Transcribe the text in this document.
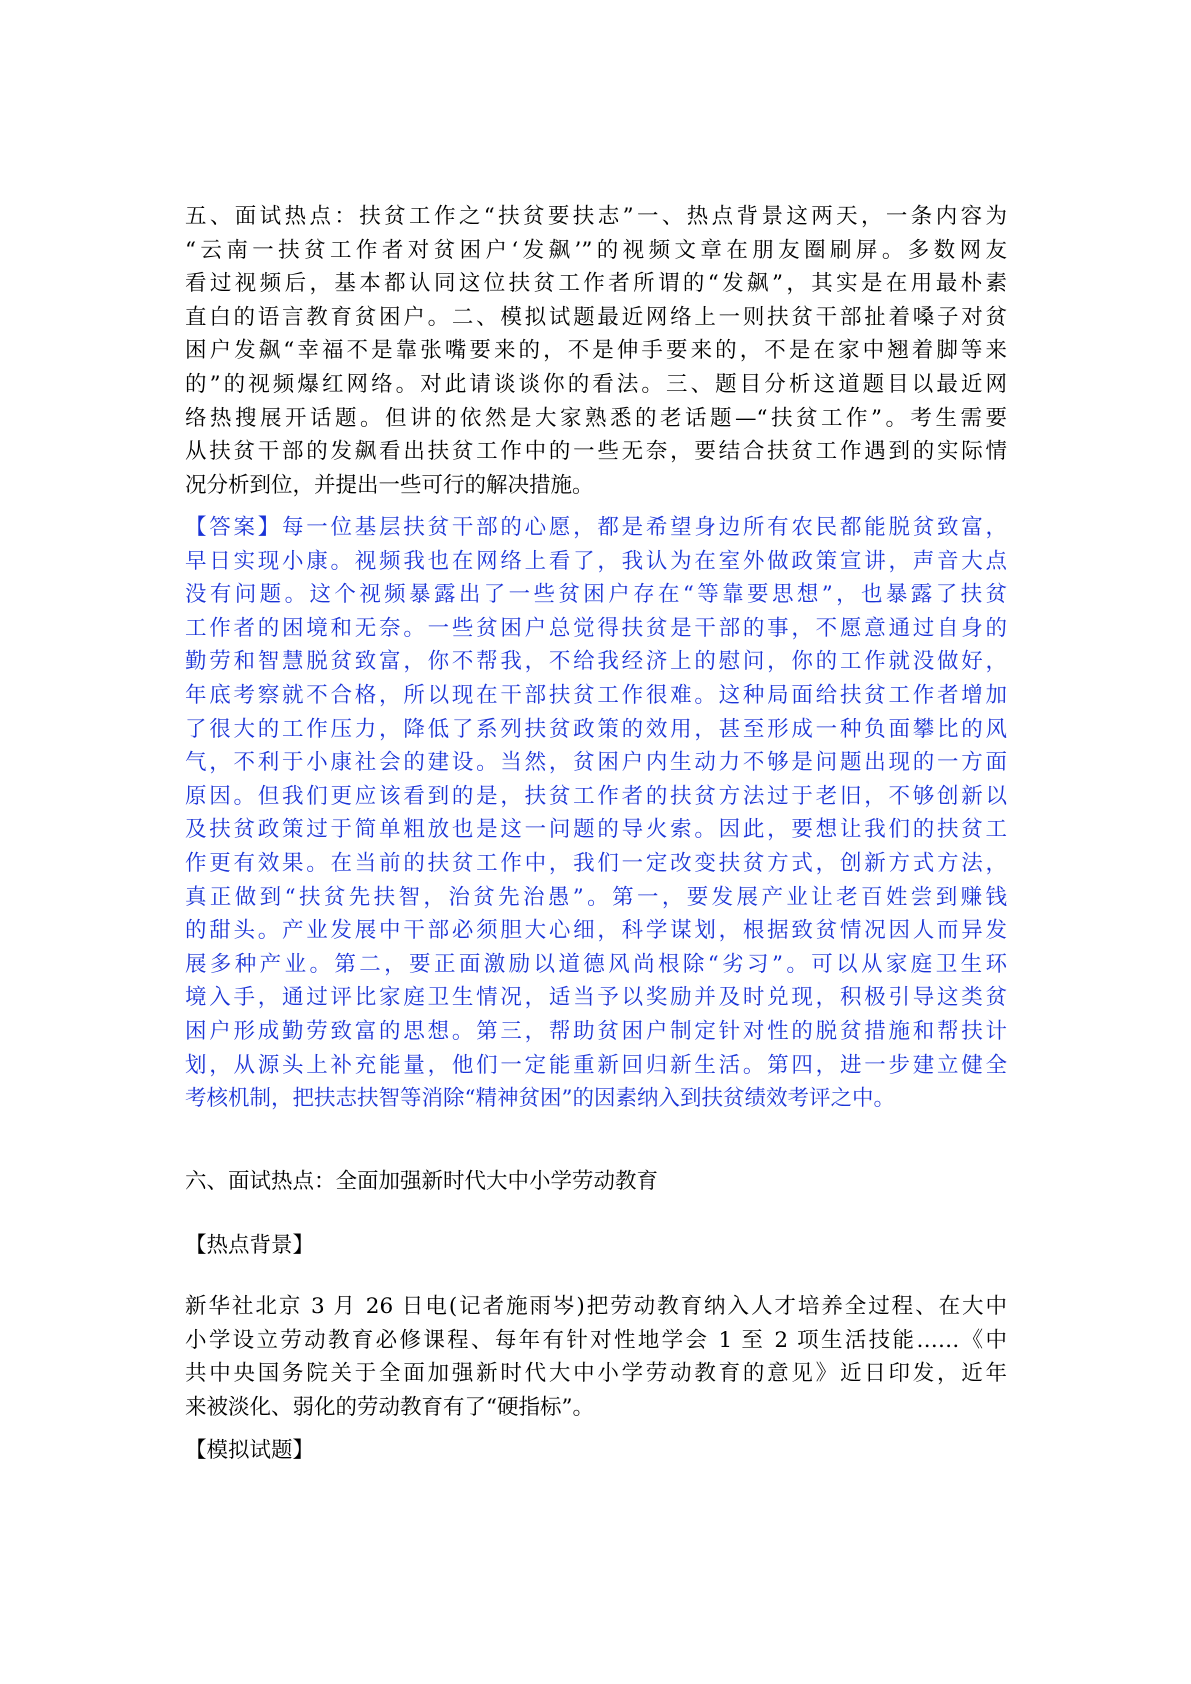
五、面试热点：扶贫工作之“扶贫要扶志”一、热点背景这两天，一条内容为
“云南一扶贫工作者对贫困户‘发飙’”的视频文章在朋友圈刷屏。多数网友
看过视频后，基本都认同这位扶贫工作者所谓的“发飙”，其实是在用最朴素
直白的语言教育贫困户。二、模拟试题最近网络上一则扶贫干部扯着嗓子对贫
困户发飙“幸福不是靠张嘴要来的，不是伸手要来的，不是在家中翘着脚等来
的”的视频爆红网络。对此请谈谈你的看法。三、题目分析这道题目以最近网
络热搜展开话题。但讲的依然是大家熟悉的老话题—“扶贫工作”。考生需要
从扶贫干部的发飙看出扶贫工作中的一些无奈，要结合扶贫工作遇到的实际情
况分析到位，并提出一些可行的解决措施。
【答案】每一位基层扶贫干部的心愿，都是希望身边所有农民都能脱贫致富，
早日实现小康。视频我也在网络上看了，我认为在室外做政策宣讲，声音大点
没有问题。这个视频暴露出了一些贫困户存在“等靠要思想”，也暴露了扶贫
工作者的困境和无奈。一些贫困户总觉得扶贫是干部的事，不愿意通过自身的
勤劳和智慧脱贫致富，你不帮我，不给我经济上的慰问，你的工作就没做好，
年底考察就不合格，所以现在干部扶贫工作很难。这种局面给扶贫工作者增加
了很大的工作压力，降低了系列扶贫政策的效用，甚至形成一种负面攀比的风
气，不利于小康社会的建设。当然，贫困户内生动力不够是问题出现的一方面
原因。但我们更应该看到的是，扶贫工作者的扶贫方法过于老旧，不够创新以
及扶贫政策过于简单粗放也是这一问题的导火索。因此，要想让我们的扶贫工
作更有效果。在当前的扶贫工作中，我们一定改变扶贫方式，创新方式方法，
真正做到“扶贫先扶智，治贫先治愚”。第一，要发展产业让老百姓尝到赚钱
的甜头。产业发展中干部必须胆大心细，科学谋划，根据致贫情况因人而异发
展多种产业。第二，要正面激励以道德风尚根除“劣习”。可以从家庭卫生环
境入手，通过评比家庭卫生情况，适当予以奖励并及时兑现，积极引导这类贫
困户形成勤劳致富的思想。第三，帮助贫困户制定针对性的脱贫措施和帮扶计
划，从源头上补充能量，他们一定能重新回归新生活。第四，进一步建立健全
考核机制，把扶志扶智等消除“精神贫困”的因素纳入到扶贫绩效考评之中。
六、面试热点：全面加强新时代大中小学劳动教育
【热点背景】
新华社北京 3 月 26 日电(记者施雨岑)把劳动教育纳入人才培养全过程、在大中
小学设立劳动教育必修课程、每年有针对性地学会 1 至 2 项生活技能……《中
共中央国务院关于全面加强新时代大中小学劳动教育的意见》近日印发，近年
来被淡化、弱化的劳动教育有了“硬指标”。
【模拟试题】
